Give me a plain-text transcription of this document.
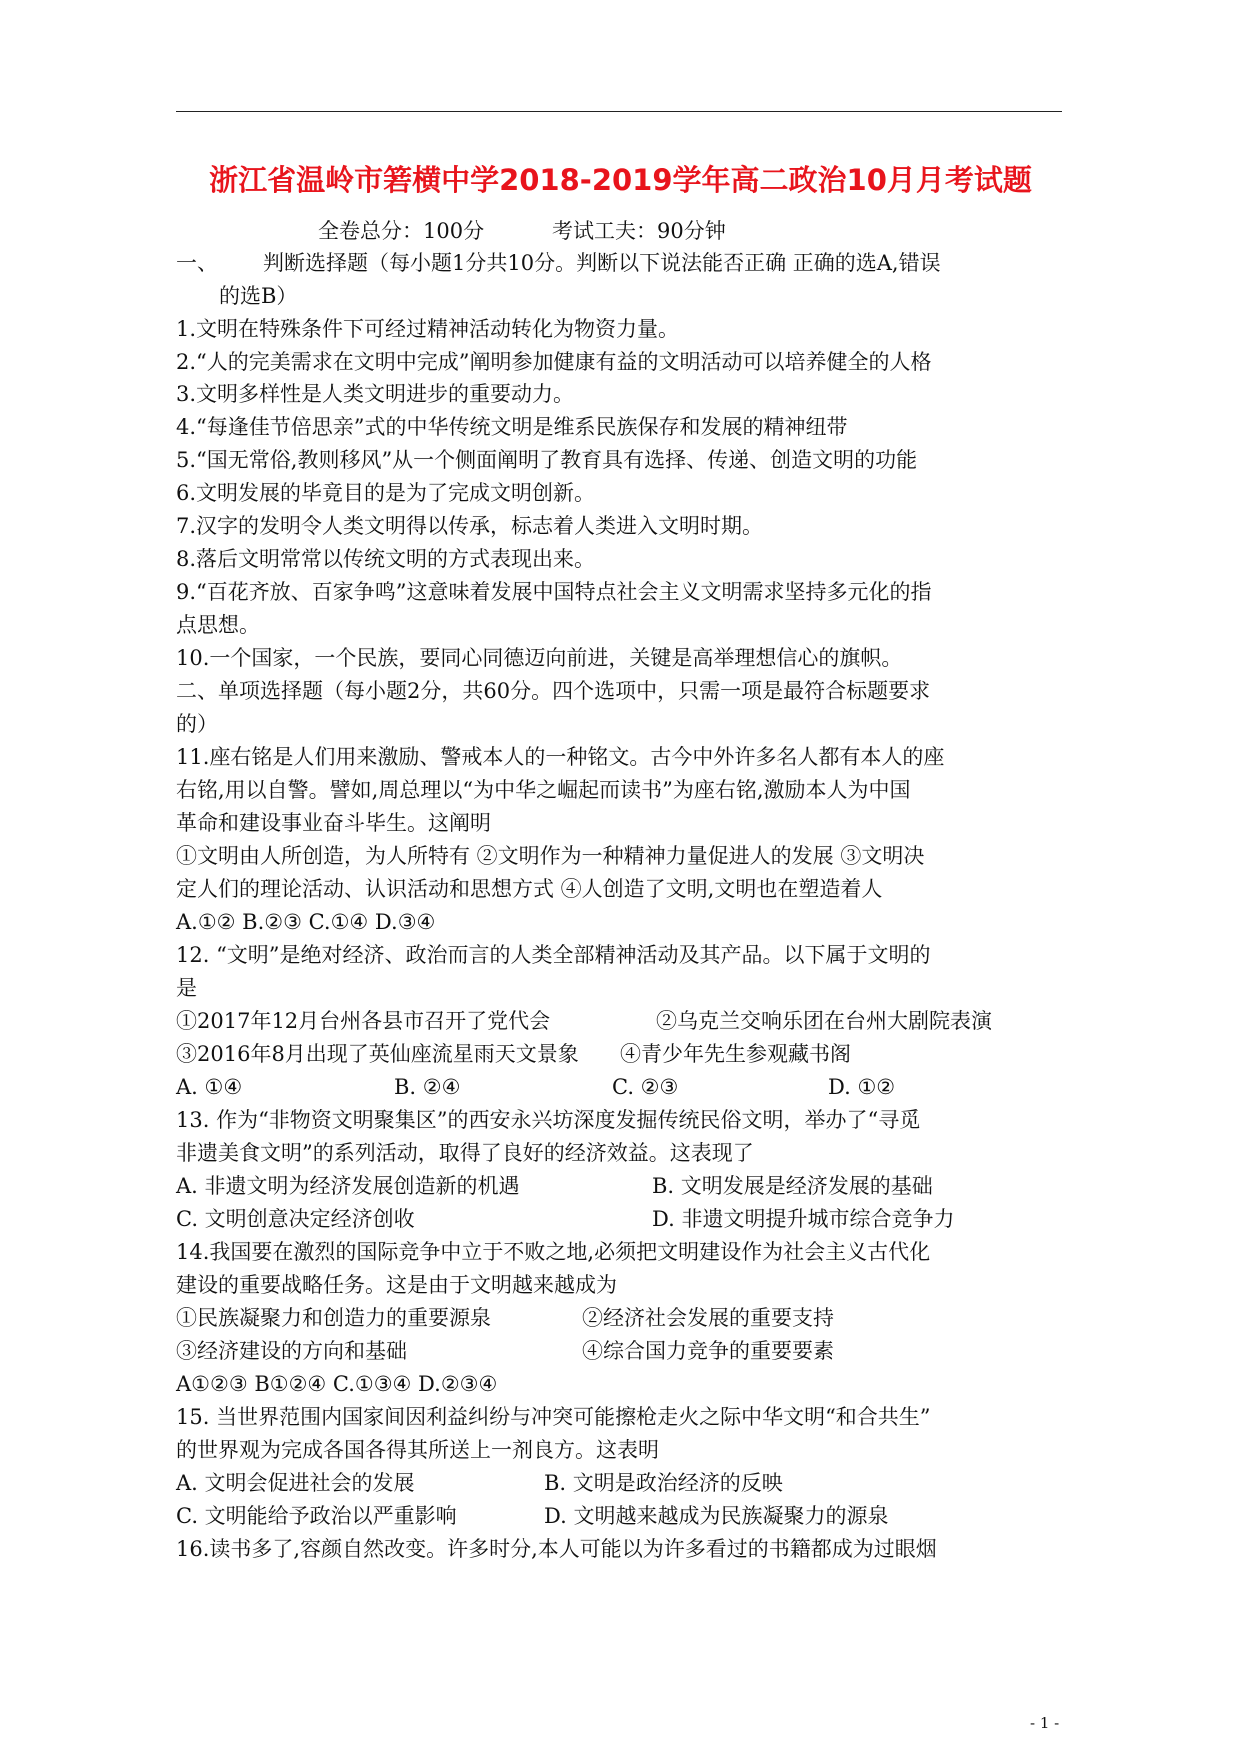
浙江省温岭市箬横中学2018-2019学年高二政治10月月考试题
全卷总分：100分	考试工夫：90分钟
一、 判断选择题（每小题1分共10分。判断以下说法能否正确 正确的选A,错误
的选B）
1.文明在特殊条件下可经过精神活动转化为物资力量。
2.“人的完美需求在文明中完成”阐明参加健康有益的文明活动可以培养健全的人格
3.文明多样性是人类文明进步的重要动力。
4.“每逢佳节倍思亲”式的中华传统文明是维系民族保存和发展的精神纽带
5.“国无常俗,教则移风”从一个侧面阐明了教育具有选择、传递、创造文明的功能
6.文明发展的毕竟目的是为了完成文明创新。
7.汉字的发明令人类文明得以传承，标志着人类进入文明时期。
8.落后文明常常以传统文明的方式表现出来。
9.“百花齐放、百家争鸣”这意味着发展中国特点社会主义文明需求坚持多元化的指
点思想。
10.一个国家，一个民族，要同心同德迈向前进，关键是高举理想信心的旗帜。
二、单项选择题（每小题2分，共60分。四个选项中，只需一项是最符合标题要求
的）
11.座右铭是人们用来激励、警戒本人的一种铭文。古今中外许多名人都有本人的座
右铭,用以自警。譬如,周总理以“为中华之崛起而读书”为座右铭,激励本人为中国
革命和建设事业奋斗毕生。这阐明
①文明由人所创造，为人所特有 ②文明作为一种精神力量促进人的发展 ③文明决
定人们的理论活动、认识活动和思想方式 ④人创造了文明,文明也在塑造着人
A.①② B.②③ C.①④ D.③④
12. “文明”是绝对经济、政治而言的人类全部精神活动及其产品。以下属于文明的
是
①2017年12月台州各县市召开了党代会	②乌克兰交响乐团在台州大剧院表演
③2016年8月出现了英仙座流星雨天文景象 ④青少年先生参观藏书阁
A. ①④	B. ②④	C. ②③	D. ①②
13. 作为“非物资文明聚集区”的西安永兴坊深度发掘传统民俗文明，举办了“寻觅
非遗美食文明”的系列活动，取得了良好的经济效益。这表现了
A. 非遗文明为经济发展创造新的机遇	B. 文明发展是经济发展的基础
C. 文明创意决定经济创收	D. 非遗文明提升城市综合竞争力
14.我国要在激烈的国际竞争中立于不败之地,必须把文明建设作为社会主义古代化
建设的重要战略任务。这是由于文明越来越成为
①民族凝聚力和创造力的重要源泉	②经济社会发展的重要支持
③经济建设的方向和基础	④综合国力竞争的重要要素
A①②③ B①②④ C.①③④ D.②③④
15. 当世界范围内国家间因利益纠纷与冲突可能擦枪走火之际中华文明“和合共生”
的世界观为完成各国各得其所送上一剂良方。这表明
A. 文明会促进社会的发展	B. 文明是政治经济的反映
C. 文明能给予政治以严重影响	D. 文明越来越成为民族凝聚力的源泉
16.读书多了,容颜自然改变。许多时分,本人可能以为许多看过的书籍都成为过眼烟
- 1 -
